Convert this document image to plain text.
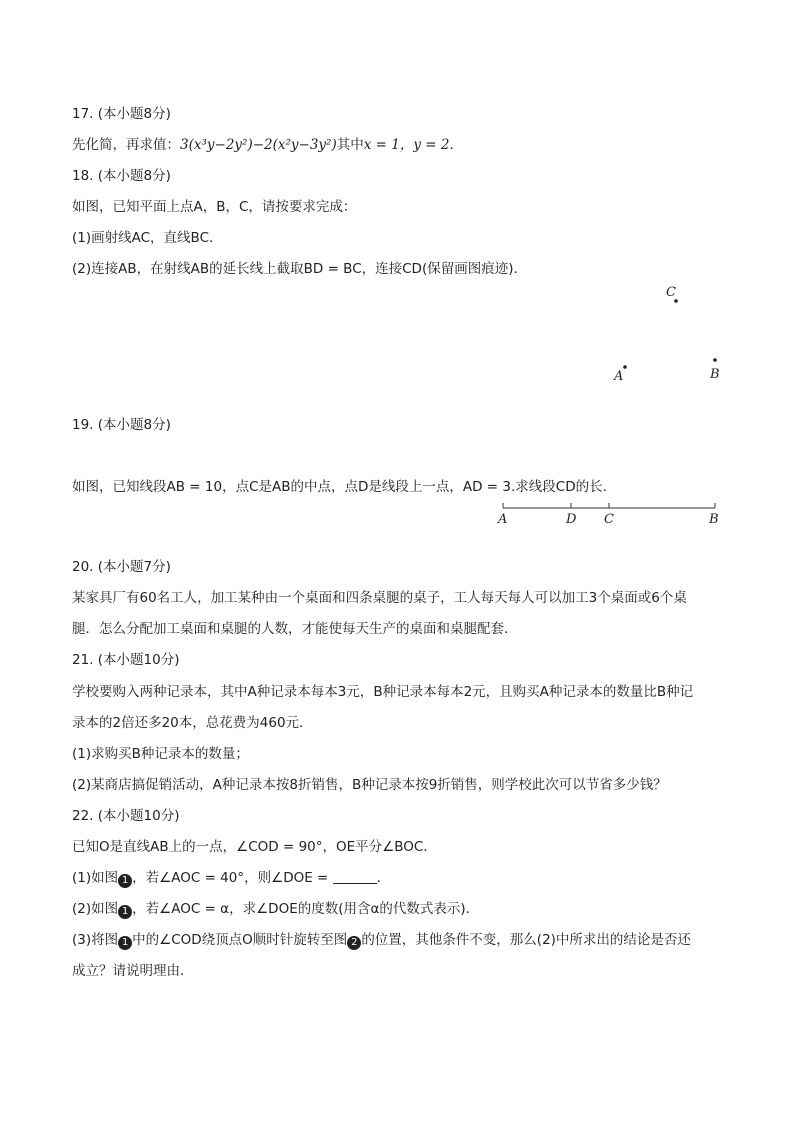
17. (本小题8分)
先化简，再求值：3(x³y−2y²)−2(x²y−3y²)其中x = 1，y = 2．
18. (本小题8分)
如图，已知平面上点A，B，C，请按要求完成：
(1)画射线AC，直线BC．
(2)连接AB，在射线AB的延长线上截取BD = BC，连接CD(保留画图痕迹)．
C
A	B
19. (本小题8分)
如图，已知线段AB = 10，点C是AB的中点，点D是线段上一点，AD = 3.求线段CD的长．
A	D C	B
20. (本小题7分)
某家具厂有60名工人，加工某种由一个桌面和四条桌腿的桌子，工人每天每人可以加工3个桌面或6个桌
腿．怎么分配加工桌面和桌腿的人数，才能使每天生产的桌面和桌腿配套．
21. (本小题10分)
学校要购入两种记录本，其中A种记录本每本3元，B种记录本每本2元，且购买A种记录本的数量比B种记
录本的2倍还多20本，总花费为460元．
(1)求购买B种记录本的数量；
(2)某商店搞促销活动，A种记录本按8折销售，B种记录本按9折销售，则学校此次可以节省多少钱？
22. (本小题10分)
已知O是直线AB上的一点，∠COD = 90°，OE平分∠BOC．
(1)如图 1 ，若∠AOC = 40°，则∠DOE =	．
(2)如图 1 ，若∠AOC = α，求∠DOE的度数(用含α的代数式表示)．
(3)将图 1 中的∠COD绕顶点O顺时针旋转至图 2 的位置，其他条件不变，那么(2)中所求出的结论是否还
成立？请说明理由．
